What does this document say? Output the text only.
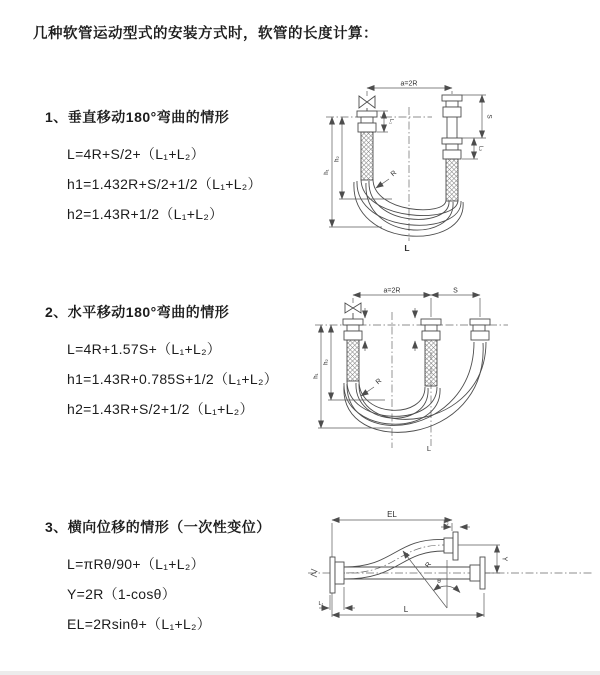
几种软管运动型式的安装方式时，软管的长度计算：
1、垂直移动180°弯曲的情形
L=4R+S/2+（L₁+L₂）
h1=1.432R+S/2+1/2（L₁+L₂）
h2=1.43R+1/2（L₁+L₂）
2、水平移动180°弯曲的情形
L=4R+1.57S+（L₁+L₂）
h1=1.43R+0.785S+1/2（L₁+L₂）
h2=1.43R+S/2+1/2（L₁+L₂）
3、横向位移的情形（一次性变位）
L=πRθ/90+（L₁+L₂）
Y=2R（1-cosθ）
EL=2Rsinθ+（L₁+L₂）
a=2R
L₁
S
L₂
h₁
h₂
R
L
a=2R	S
h₁
h₂
R
L
EL
L₂
θ
R
Y
L₁
L
